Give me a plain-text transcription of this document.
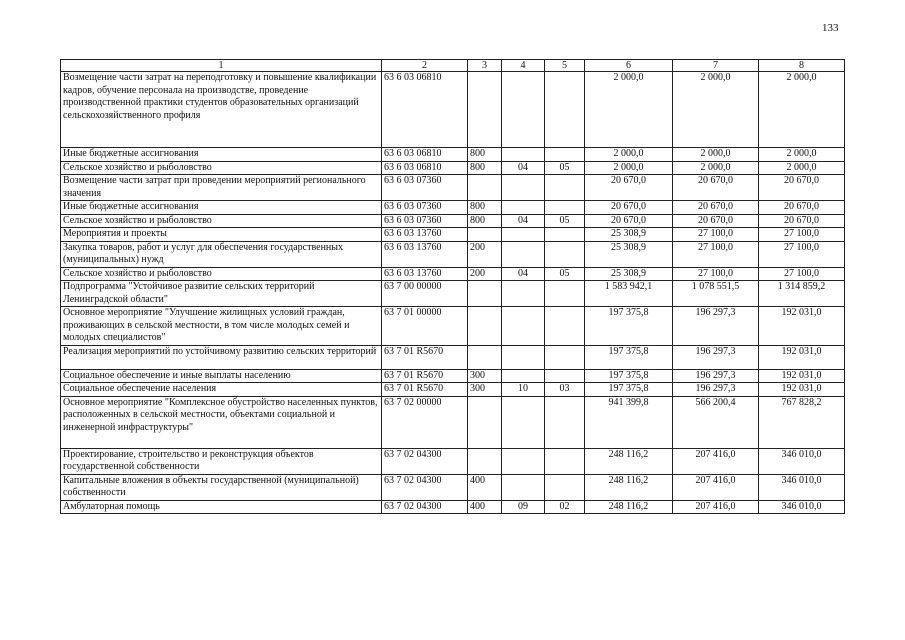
133
1	2	3	4	5	6	7	8
Возмещение части затрат на переподготовку и повышение квалификации кадров, обучение персонала на производстве, проведение производственной практики студентов образовательных организаций сельскохозяйственного профиля	63 6 03 06810				2 000,0	2 000,0	2 000,0
Иные бюджетные ассигнования	63 6 03 06810	800			2 000,0	2 000,0	2 000,0
Сельское хозяйство и рыболовство	63 6 03 06810	800	04	05	2 000,0	2 000,0	2 000,0
Возмещение части затрат при проведении мероприятий регионального значения	63 6 03 07360				20 670,0	20 670,0	20 670,0
Иные бюджетные ассигнования	63 6 03 07360	800			20 670,0	20 670,0	20 670,0
Сельское хозяйство и рыболовство	63 6 03 07360	800	04	05	20 670,0	20 670,0	20 670,0
Мероприятия и проекты	63 6 03 13760				25 308,9	27 100,0	27 100,0
Закупка товаров, работ и услуг для обеспечения государственных (муниципальных) нужд	63 6 03 13760	200			25 308,9	27 100,0	27 100,0
Сельское хозяйство и рыболовство	63 6 03 13760	200	04	05	25 308,9	27 100,0	27 100,0
Подпрограмма "Устойчивое развитие сельских территорий Ленинградской области"	63 7 00 00000				1 583 942,1	1 078 551,5	1 314 859,2
Основное мероприятие "Улучшение жилищных условий граждан, проживающих в сельской местности, в том числе молодых семей и молодых специалистов"	63 7 01 00000				197 375,8	196 297,3	192 031,0
Реализация мероприятий по устойчивому развитию сельских территорий	63 7 01 R5670				197 375,8	196 297,3	192 031,0
Социальное обеспечение и иные выплаты населению	63 7 01 R5670	300			197 375,8	196 297,3	192 031,0
Социальное обеспечение населения	63 7 01 R5670	300	10	03	197 375,8	196 297,3	192 031,0
Основное мероприятие "Комплексное обустройство населенных пунктов, расположенных в сельской местности, объектами социальной и инженерной инфраструктуры"	63 7 02 00000				941 399,8	566 200,4	767 828,2
Проектирование, строительство и реконструкция объектов государственной собственности	63 7 02 04300				248 116,2	207 416,0	346 010,0
Капитальные вложения в объекты государственной (муниципальной) собственности	63 7 02 04300	400			248 116,2	207 416,0	346 010,0
Амбулаторная помощь	63 7 02 04300	400	09	02	248 116,2	207 416,0	346 010,0
